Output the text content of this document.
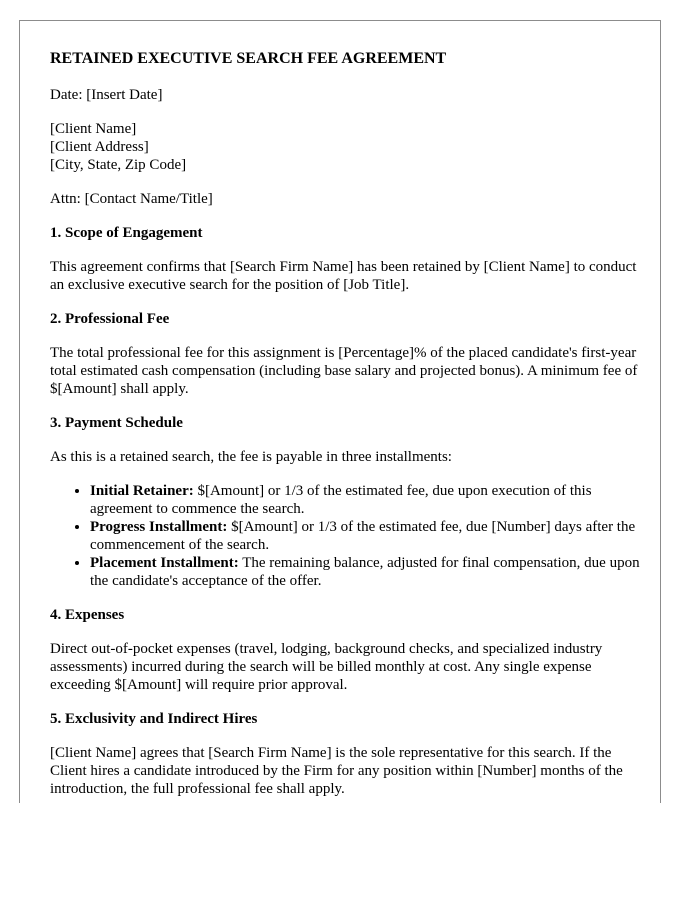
RETAINED EXECUTIVE SEARCH FEE AGREEMENT

Date: [Insert Date]

[Client Name]
[Client Address]
[City, State, Zip Code]

Attn: [Contact Name/Title]

1. Scope of Engagement

This agreement confirms that [Search Firm Name] has been retained by [Client Name] to conduct an exclusive executive search for the position of [Job Title].

2. Professional Fee

The total professional fee for this assignment is [Percentage]% of the placed candidate's first-year total estimated cash compensation (including base salary and projected bonus). A minimum fee of $[Amount] shall apply.

3. Payment Schedule

As this is a retained search, the fee is payable in three installments:

• Initial Retainer: $[Amount] or 1/3 of the estimated fee, due upon execution of this agreement to commence the search.
• Progress Installment: $[Amount] or 1/3 of the estimated fee, due [Number] days after the commencement of the search.
• Placement Installment: The remaining balance, adjusted for final compensation, due upon the candidate's acceptance of the offer.
4. Expenses

Direct out-of-pocket expenses (travel, lodging, background checks, and specialized industry assessments) incurred during the search will be billed monthly at cost. Any single expense exceeding $[Amount] will require prior approval.

5. Exclusivity and Indirect Hires

[Client Name] agrees that [Search Firm Name] is the sole representative for this search. If the Client hires a candidate introduced by the Firm for any position within [Number] months of the introduction, the full professional fee shall apply.
